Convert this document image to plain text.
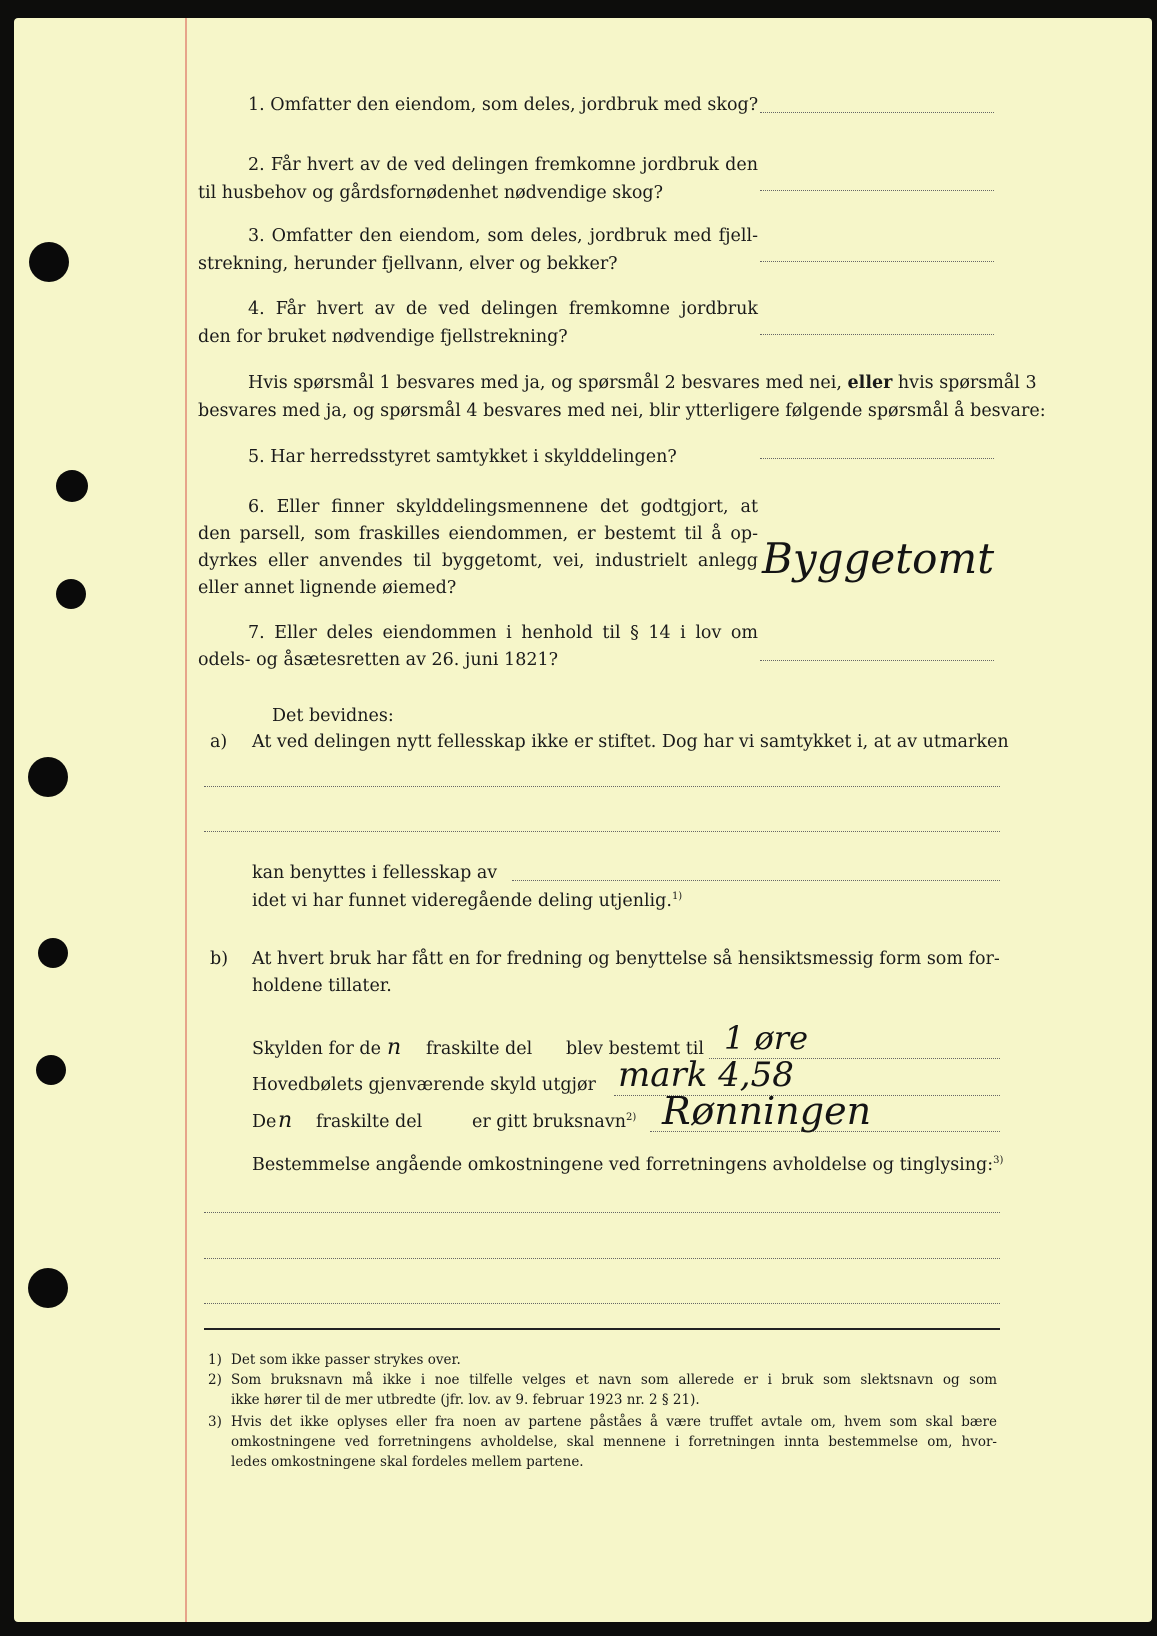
1. Omfatter den eiendom, som deles, jordbruk med skog?
2. Får hvert av de ved delingen fremkomne jordbruk den
til husbehov og gårdsfornødenhet nødvendige skog?
3. Omfatter den eiendom, som deles, jordbruk med fjell-
strekning, herunder fjellvann, elver og bekker?
4. Får hvert av de ved delingen fremkomne jordbruk
den for bruket nødvendige fjellstrekning?
Hvis spørsmål 1 besvares med ja, og spørsmål 2 besvares med nei, eller hvis spørsmål 3
besvares med ja, og spørsmål 4 besvares med nei, blir ytterligere følgende spørsmål å besvare:
5. Har herredsstyret samtykket i skylddelingen?
6. Eller finner skylddelingsmennene det godtgjort, at
den parsell, som fraskilles eiendommen, er bestemt til å op-
dyrkes eller anvendes til byggetomt, vei, industrielt anlegg
eller annet lignende øiemed?
Byggetomt
7. Eller deles eiendommen i henhold til § 14 i lov om
odels- og åsætesretten av 26. juni 1821?
Det bevidnes:
a) At ved delingen nytt fellesskap ikke er stiftet. Dog har vi samtykket i, at av utmarken
kan benyttes i fellesskap av
idet vi har funnet videregående deling utjenlig.$^{1)}$
b) At hvert bruk har fått en for fredning og benyttelse så hensiktsmessig form som for-
holdene tillater.
Skylden for de n fraskilte del blev bestemt til 1 øre
Hovedbølets gjenværende skyld utgjør mark 4,58
De n fraskilte del	er gitt bruksnavn$^{2)}$ Rønningen
Bestemmelse angående omkostningene ved forretningens avholdelse og tinglysing:$^{3)}$
1) Det som ikke passer strykes over.
2) Som bruksnavn må ikke i noe tilfelle velges et navn som allerede er i bruk som slektsnavn og som
ikke hører til de mer utbredte (jfr. lov. av 9. februar 1923 nr. 2 § 21).
3) Hvis det ikke oplyses eller fra noen av partene påståes å være truffet avtale om, hvem som skal bære
omkostningene ved forretningens avholdelse, skal mennene i forretningen innta bestemmelse om, hvor-
ledes omkostningene skal fordeles mellem partene.
